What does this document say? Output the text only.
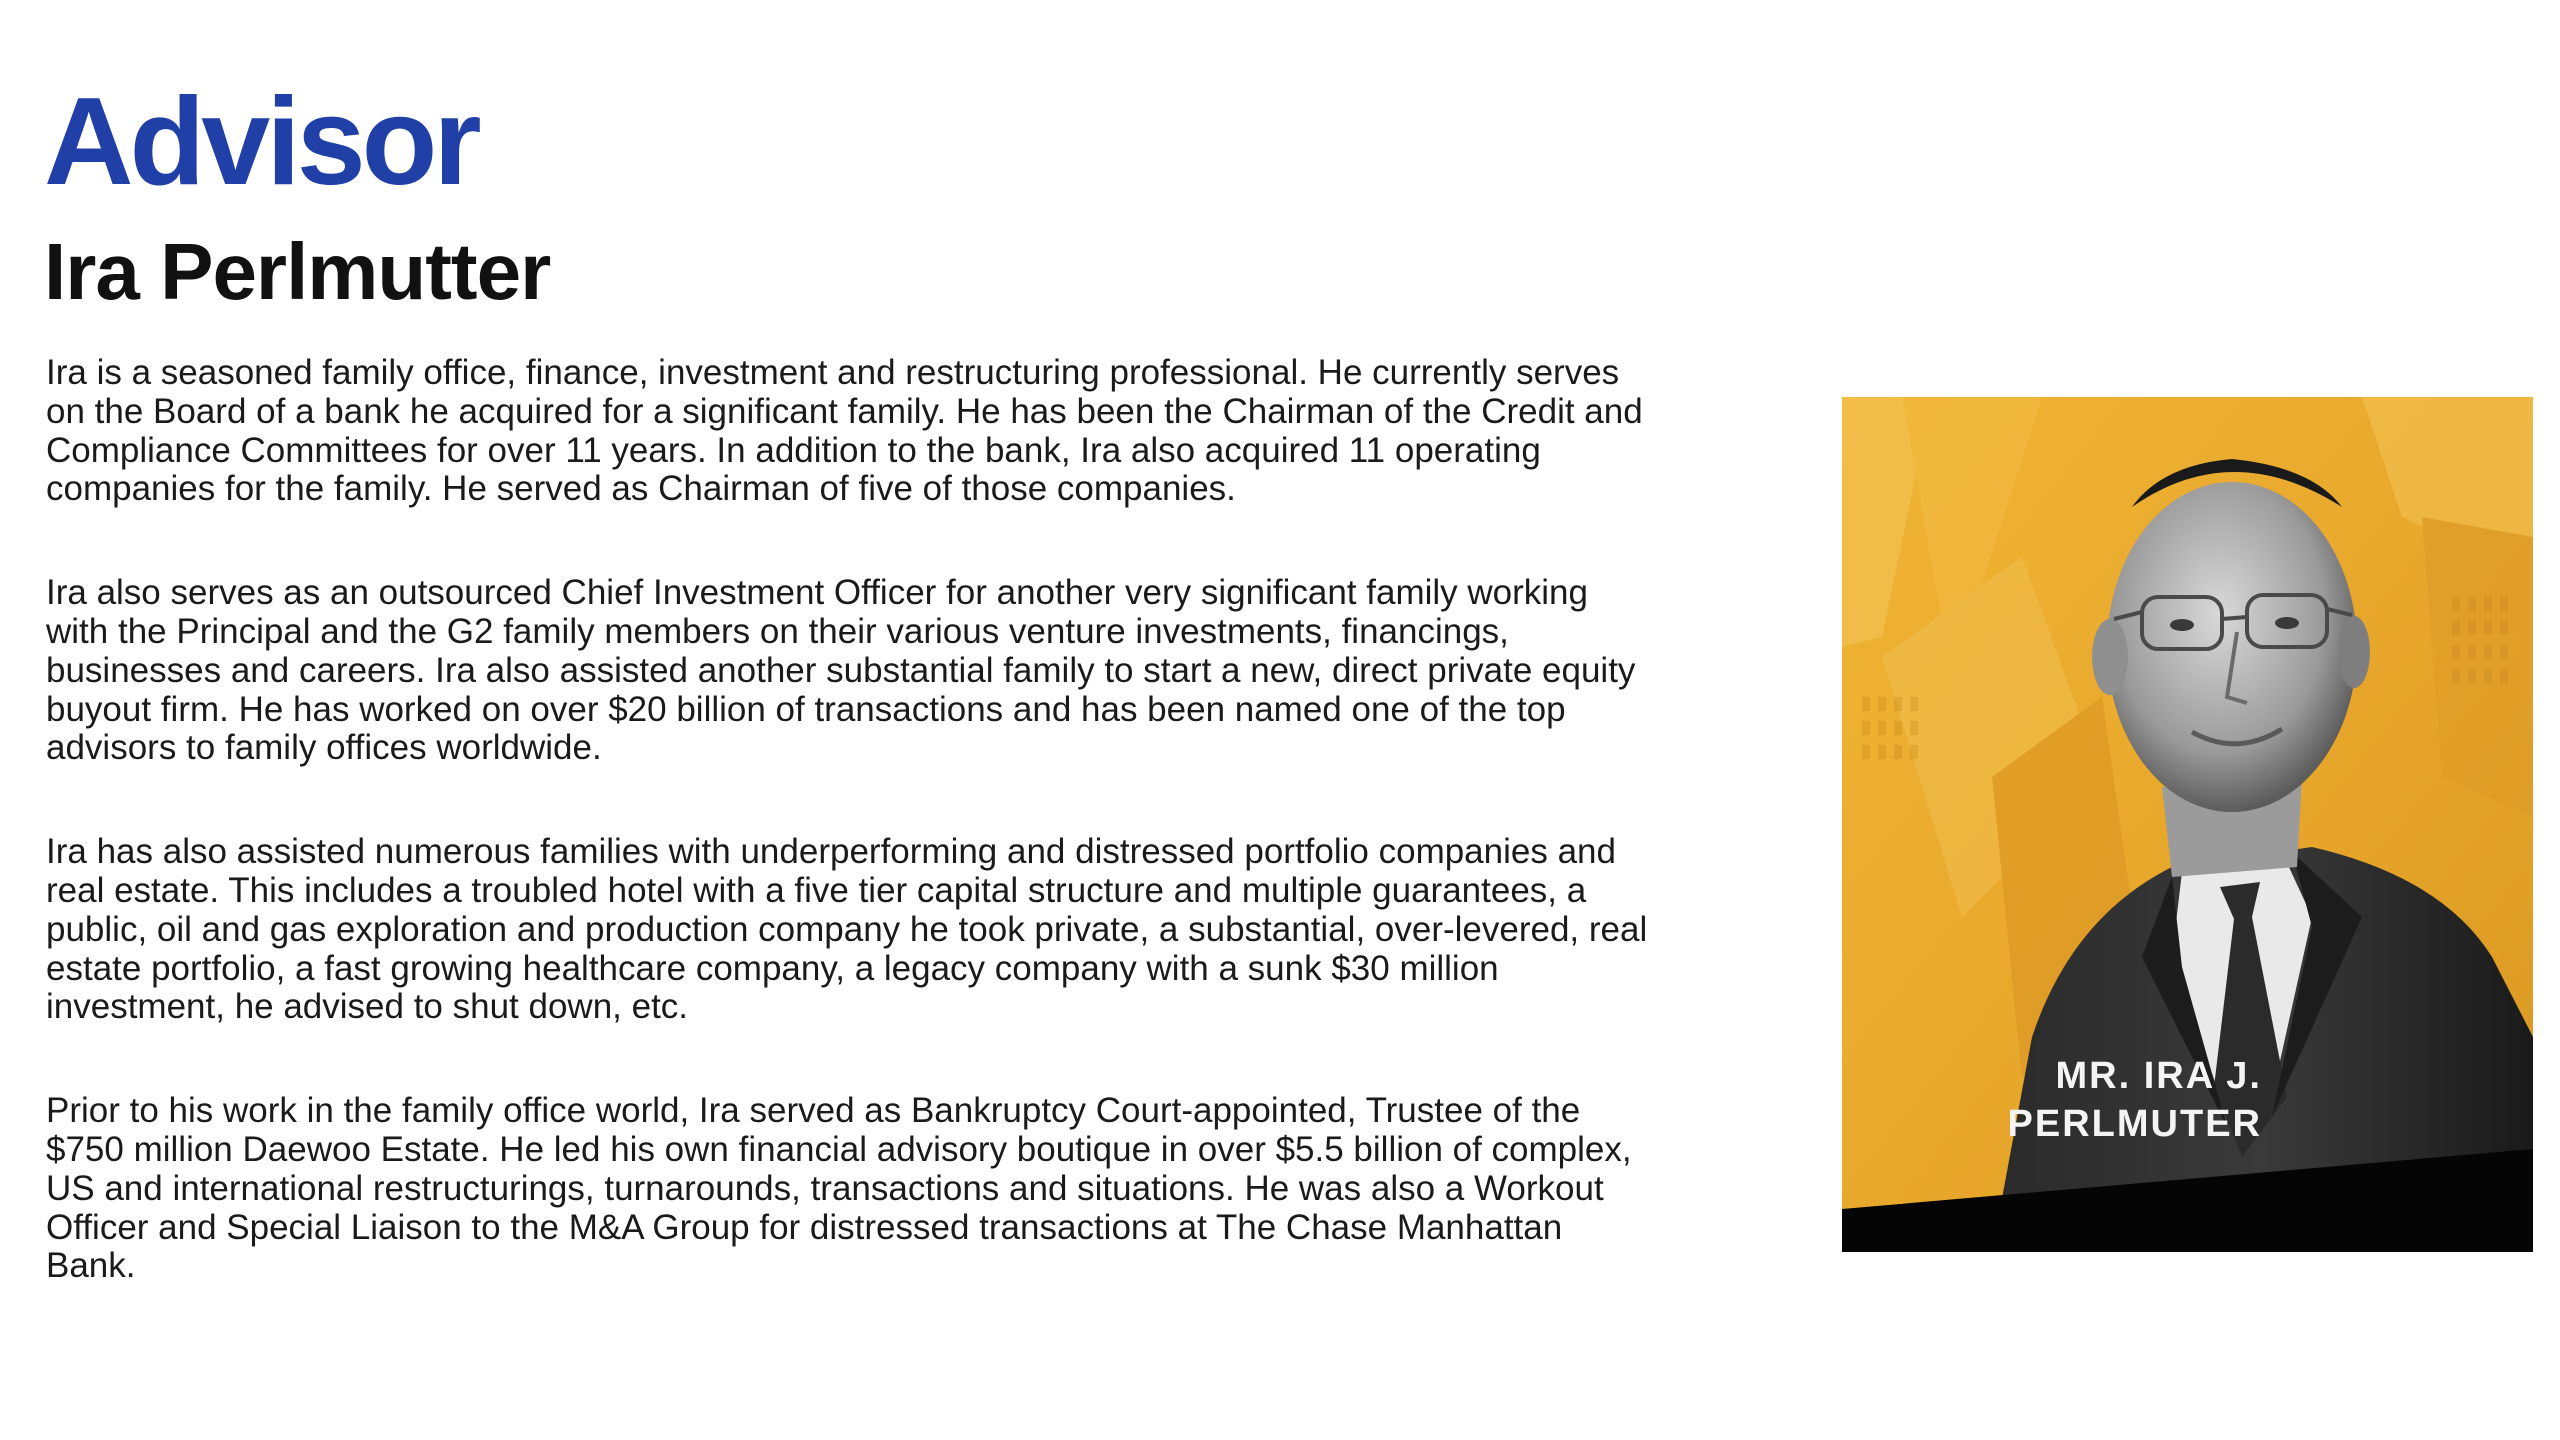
Advisor
Ira Perlmutter

Ira is a seasoned family office, finance, investment and restructuring professional. He currently serves on the Board of a bank he acquired for a significant family. He has been the Chairman of the Credit and Compliance Committees for over 11 years. In addition to the bank, Ira also acquired 11 operating companies for the family. He served as Chairman of five of those companies.

Ira also serves as an outsourced Chief Investment Officer for another very significant family working with the Principal and the G2 family members on their various venture investments, financings, businesses and careers. Ira also assisted another substantial family to start a new, direct private equity buyout firm. He has worked on over $20 billion of transactions and has been named one of the top advisors to family offices worldwide.

Ira has also assisted numerous families with underperforming and distressed portfolio companies and real estate. This includes a troubled hotel with a five tier capital structure and multiple guarantees, a public, oil and gas exploration and production company he took private, a substantial, over-levered, real estate portfolio, a fast growing healthcare company, a legacy company with a sunk $30 million investment, he advised to shut down, etc.

Prior to his work in the family office world, Ira served as Bankruptcy Court-appointed, Trustee of the $750 million Daewoo Estate. He led his own financial advisory boutique in over $5.5 billion of complex, US and international restructurings, turnarounds, transactions and situations. He was also a Workout Officer and Special Liaison to the M&A Group for distressed transactions at The Chase Manhattan Bank.

MR. IRA J.
PERLMUTER
